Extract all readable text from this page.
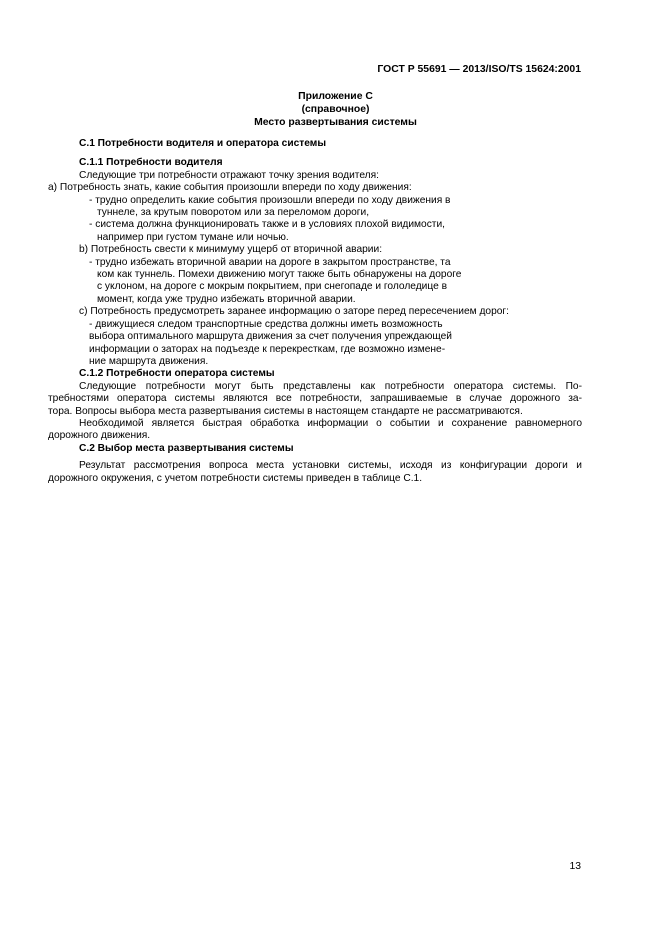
ГОСТ Р 55691 — 2013/ISO/TS 15624:2001
Приложение С
(справочное)
Место развертывания системы

С.1 Потребности водителя и оператора системы

С.1.1 Потребности водителя

Следующие три потребности отражают точку зрения водителя:

a) Потребность знать, какие события произошли впереди по ходу движения:

- трудно определить какие события произошли впереди по ходу движения в

туннеле, за крутым поворотом или за переломом дороги,

- система должна функционировать также и в условиях плохой видимости,

например при густом тумане или ночью.

b) Потребность свести к минимуму ущерб от вторичной аварии:

- трудно избежать вторичной аварии на дороге в закрытом пространстве, та

ком как туннель. Помехи движению могут также быть обнаружены на дороге

с уклоном, на дороге с мокрым покрытием, при снегопаде и гололедице в

момент, когда уже трудно избежать вторичной аварии.

c) Потребность предусмотреть заранее информацию о заторе перед пересечением дорог:

- движущиеся следом транспортные средства должны иметь возможность

выбора оптимального маршрута движения за счет получения упреждающей

информации о заторах на подъезде к перекресткам, где возможно измене-

ние маршрута движения.

С.1.2 Потребности оператора системы

Следующие потребности могут быть представлены как потребности оператора системы. По-

требностями оператора системы являются все потребности, запрашиваемые в случае дорожного за-

тора. Вопросы выбора места развертывания системы в настоящем стандарте не рассматриваются.

Необходимой является быстрая обработка информации о событии и сохранение равномерного

дорожного движения.

С.2 Выбор места развертывания системы

Результат рассмотрения вопроса места установки системы, исходя из конфигурации дороги и

дорожного окружения, с учетом потребности системы приведен в таблице С.1.

13
